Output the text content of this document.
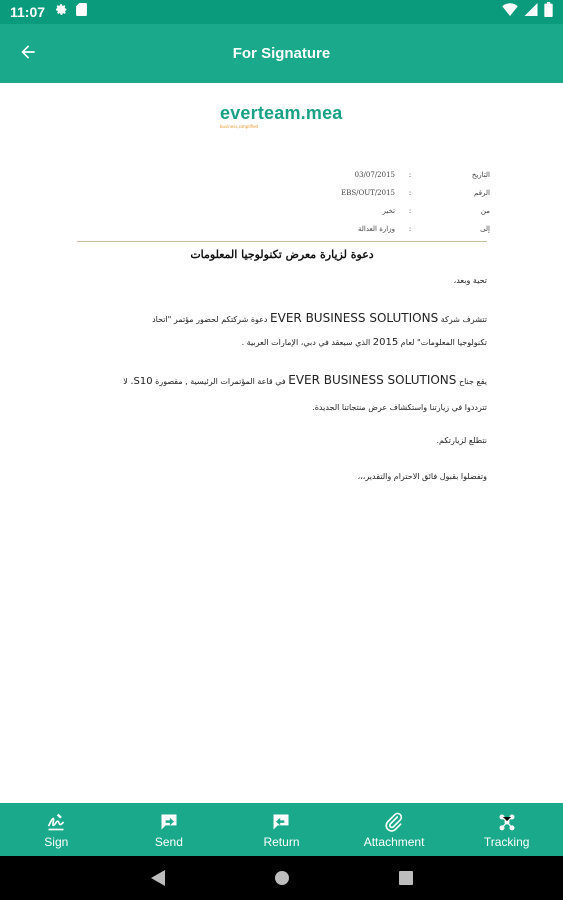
11:07
For Signature
everteam.mea
business,simplified
03/07/2015	:	التاريخ
EBS/OUT/2015	:	الرقم
تخير	:	من
وزارة العدالة	:	إلى
دعوة لزيارة معرض تكنولوجيا المعلومات
تحية وبعد،
تتشرف شركة EVER BUSINESS SOLUTIONS دعوة شركتكم لحضور مؤتمر "اتحاد
تكنولوجيا المعلومات" لعام 2015 الذي سيعقد في دبي، الإمارات العربية .
يقع جناح EVER BUSINESS SOLUTIONS في قاعة المؤتمرات الرئيسية , مقصورة S10. لا
تترددوا في زيارتنا واستكشاف عرض منتجاتنا الجديدة.
نتطلع لزيارتكم.
وتفضلوا بقبول فائق الاحترام والتقدير،،،
Sign	Send	Return	Attachment	Tracking
